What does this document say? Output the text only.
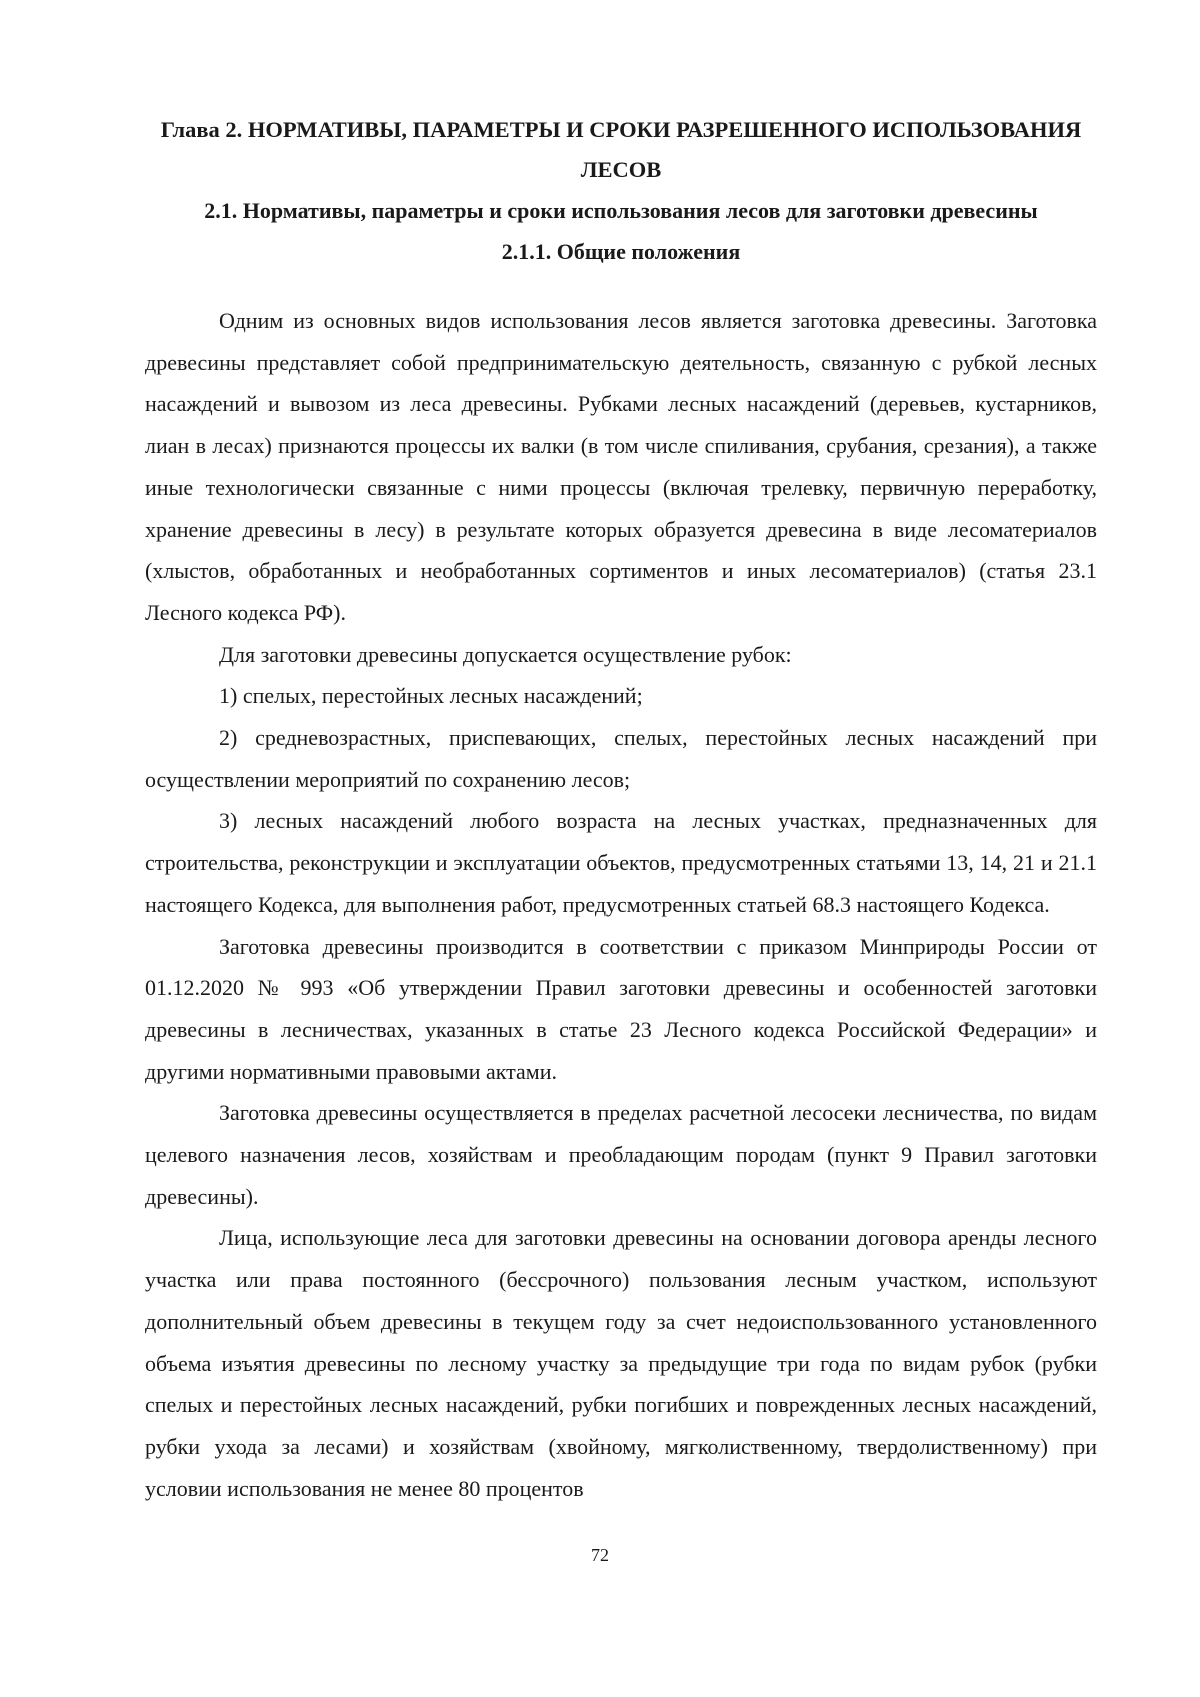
Глава 2. НОРМАТИВЫ, ПАРАМЕТРЫ И СРОКИ РАЗРЕШЕННОГО ИСПОЛЬЗОВАНИЯ ЛЕСОВ
2.1. Нормативы, параметры и сроки использования лесов для заготовки древесины
2.1.1. Общие положения

Одним из основных видов использования лесов является заготовка древесины. Заготовка древесины представляет собой предпринимательскую деятельность, связанную с рубкой лесных насаждений и вывозом из леса древесины. Рубками лесных насаждений (деревьев, кустарников, лиан в лесах) признаются процессы их валки (в том числе спиливания, срубания, срезания), а также иные технологически связанные с ними процессы (включая трелевку, первичную переработку, хранение древесины в лесу) в результате которых образуется древесина в виде лесоматериалов (хлыстов, обработанных и необработанных сортиментов и иных лесоматериалов) (статья 23.1 Лесного кодекса РФ).

Для заготовки древесины допускается осуществление рубок:

1) спелых, перестойных лесных насаждений;

2) средневозрастных, приспевающих, спелых, перестойных лесных насаждений при осуществлении мероприятий по сохранению лесов;

3) лесных насаждений любого возраста на лесных участках, предназначенных для строительства, реконструкции и эксплуатации объектов, предусмотренных статьями 13, 14, 21 и 21.1 настоящего Кодекса, для выполнения работ, предусмотренных статьей 68.3 настоящего Кодекса.

Заготовка древесины производится в соответствии с приказом Минприроды России от 01.12.2020 № 993 «Об утверждении Правил заготовки древесины и особенностей заготовки древесины в лесничествах, указанных в статье 23 Лесного кодекса Российской Федерации» и другими нормативными правовыми актами.

Заготовка древесины осуществляется в пределах расчетной лесосеки лесничества, по видам целевого назначения лесов, хозяйствам и преобладающим породам (пункт 9 Правил заготовки древесины).

Лица, использующие леса для заготовки древесины на основании договора аренды лесного участка или права постоянного (бессрочного) пользования лесным участком, используют дополнительный объем древесины в текущем году за счет недоиспользованного установленного объема изъятия древесины по лесному участку за предыдущие три года по видам рубок (рубки спелых и перестойных лесных насаждений, рубки погибших и поврежденных лесных насаждений, рубки ухода за лесами) и хозяйствам (хвойному, мягколиственному, твердолиственному) при условии использования не менее 80 процентов

72
